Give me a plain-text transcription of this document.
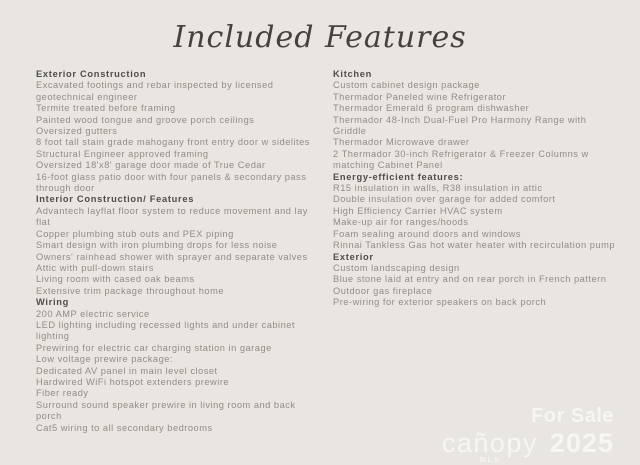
Included Features
Exterior Construction
Excavated footings and rebar inspected by licensed geotechnical engineer
Termite treated before framing
Painted wood tongue and groove porch ceilings
Oversized gutters
8 foot tall stain grade mahogany front entry door w sidelites
Structural Engineer approved framing
Oversized 18'x8' garage door made of True Cedar
16-foot glass patio door with four panels & secondary pass through door
Interior Construction/ Features
Advantech layflat floor system to reduce movement and lay flat
Copper plumbing stub outs and PEX piping
Smart design with iron plumbing drops for less noise
Owners' rainhead shower with sprayer and separate valves
Attic with pull-down stairs
Living room with cased oak beams
Extensive trim package throughout home
Wiring
200 AMP electric service
LED lighting including recessed lights and under cabinet lighting
Prewiring for electric car charging station in garage
Low voltage prewire package:
Dedicated AV panel in main level closet
Hardwired WiFi hotspot extenders prewire
Fiber ready
Surround sound speaker prewire in living room and back porch
Cat5 wiring to all secondary bedrooms
Kitchen
Custom cabinet design package
Thermador Paneled wine Refrigerator
Thermador Emerald 6 program dishwasher
Thermador 48-Inch Dual-Fuel Pro Harmony Range with Griddle
Thermador Microwave drawer
2 Thermador 30-inch Refrigerator & Freezer Columns w matching Cabinet Panel
Energy-efficient features:
R15 insulation in walls, R38 insulation in attic
Double insulation over garage for added comfort
High Efficiency Carrier HVAC system
Make-up air for ranges/hoods
Foam sealing around doors and windows
Rinnai Tankless Gas hot water heater with recirculation pump
Exterior
Custom landscaping design
Blue stone laid at entry and on rear porch in French pattern
Outdoor gas fireplace
Pre-wiring for exterior speakers on back porch
For Sale
cañopy
MLS
2025
